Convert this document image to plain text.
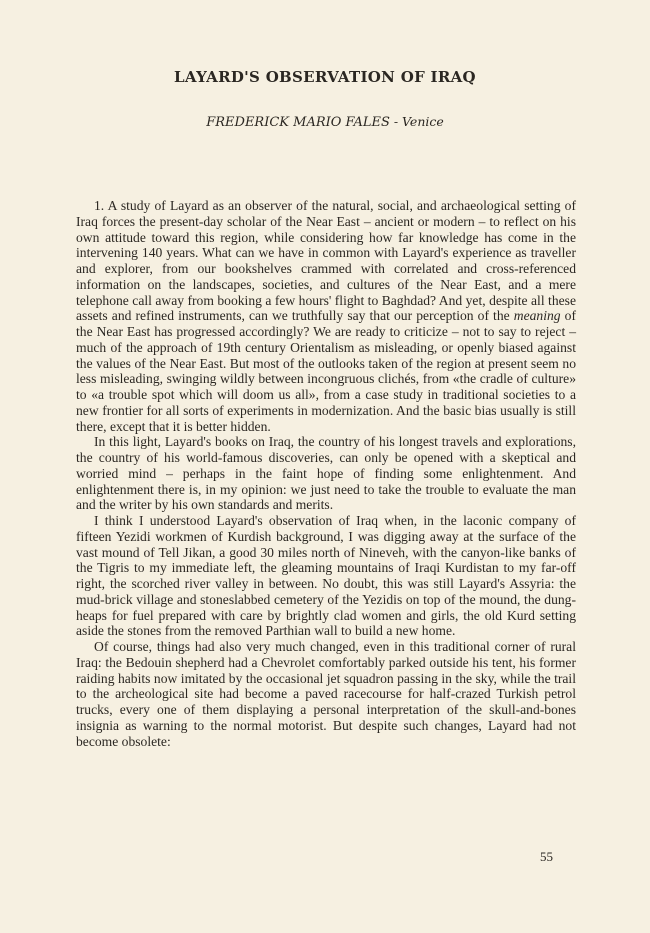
LAYARD'S OBSERVATION OF IRAQ

FREDERICK MARIO FALES - Venice

1. A study of Layard as an observer of the natural, social, and archaeological setting of Iraq forces the present-day scholar of the Near East – ancient or modern – to reflect on his own attitude toward this region, while considering how far knowledge has come in the intervening 140 years. What can we have in common with Layard's experience as traveller and explorer, from our bookshelves crammed with correlated and cross-referenced information on the landscapes, societies, and cultures of the Near East, and a mere telephone call away from booking a few hours' flight to Baghdad? And yet, despite all these assets and refined instruments, can we truthfully say that our perception of the meaning of the Near East has progressed accordingly? We are ready to criticize – not to say to reject – much of the approach of 19th century Orientalism as misleading, or openly biased against the values of the Near East. But most of the outlooks taken of the region at present seem no less misleading, swinging wildly between incongruous clichés, from «the cradle of culture» to «a trouble spot which will doom us all», from a case study in traditional societies to a new frontier for all sorts of experiments in modernization. And the basic bias usually is still there, except that it is better hidden.

In this light, Layard's books on Iraq, the country of his longest travels and explorations, the country of his world-famous discoveries, can only be opened with a skeptical and worried mind – perhaps in the faint hope of finding some enlightenment. And enlightenment there is, in my opinion: we just need to take the trouble to evaluate the man and the writer by his own standards and merits.

I think I understood Layard's observation of Iraq when, in the laconic company of fifteen Yezidi workmen of Kurdish background, I was digging away at the surface of the vast mound of Tell Jikan, a good 30 miles north of Nineveh, with the canyon-like banks of the Tigris to my immediate left, the gleaming mountains of Iraqi Kurdistan to my far-off right, the scorched river valley in between. No doubt, this was still Layard's Assyria: the mud-brick village and stoneslabbed cemetery of the Yezidis on top of the mound, the dung-heaps for fuel prepared with care by brightly clad women and girls, the old Kurd setting aside the stones from the removed Parthian wall to build a new home.

Of course, things had also very much changed, even in this traditional corner of rural Iraq: the Bedouin shepherd had a Chevrolet comfortably parked outside his tent, his former raiding habits now imitated by the occasional jet squadron passing in the sky, while the trail to the archeological site had become a paved racecourse for half-crazed Turkish petrol trucks, every one of them displaying a personal interpretation of the skull-and-bones insignia as warning to the normal motorist. But despite such changes, Layard had not become obsolete:

55
